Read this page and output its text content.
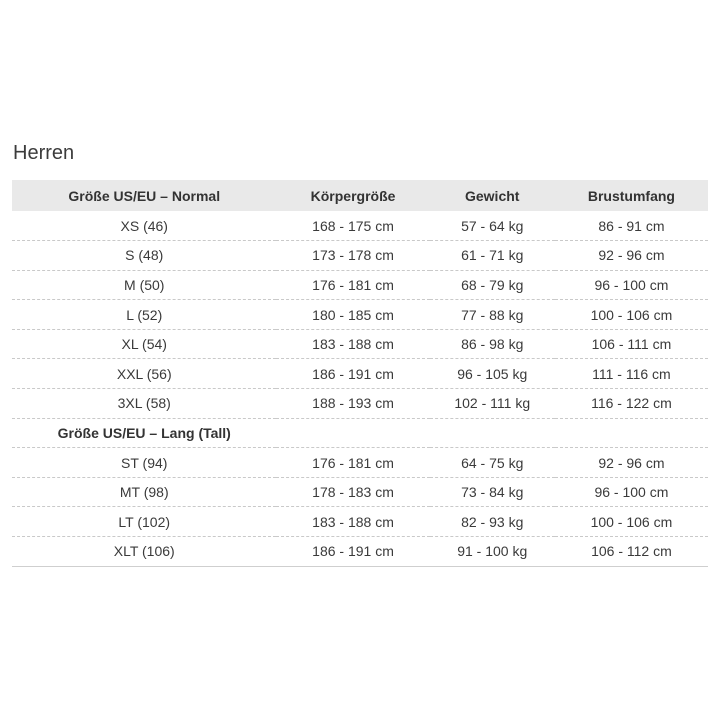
Herren
Größe US/EU – Normal	Körpergröße	Gewicht	Brustumfang
XS (46)	168 - 175 cm	57 - 64 kg	86 - 91 cm
S (48)	173 - 178 cm	61 - 71 kg	92 - 96 cm
M (50)	176 - 181 cm	68 - 79 kg	96 - 100 cm
L (52)	180 - 185 cm	77 - 88 kg	100 - 106 cm
XL (54)	183 - 188 cm	86 - 98 kg	106 - 111 cm
XXL (56)	186 - 191 cm	96 - 105 kg	111 - 116 cm
3XL (58)	188 - 193 cm	102 - 111 kg	116 - 122 cm
Größe US/EU – Lang (Tall)			
ST (94)	176 - 181 cm	64 - 75 kg	92 - 96 cm
MT (98)	178 - 183 cm	73 - 84 kg	96 - 100 cm
LT (102)	183 - 188 cm	82 - 93 kg	100 - 106 cm
XLT (106)	186 - 191 cm	91 - 100 kg	106 - 112 cm
